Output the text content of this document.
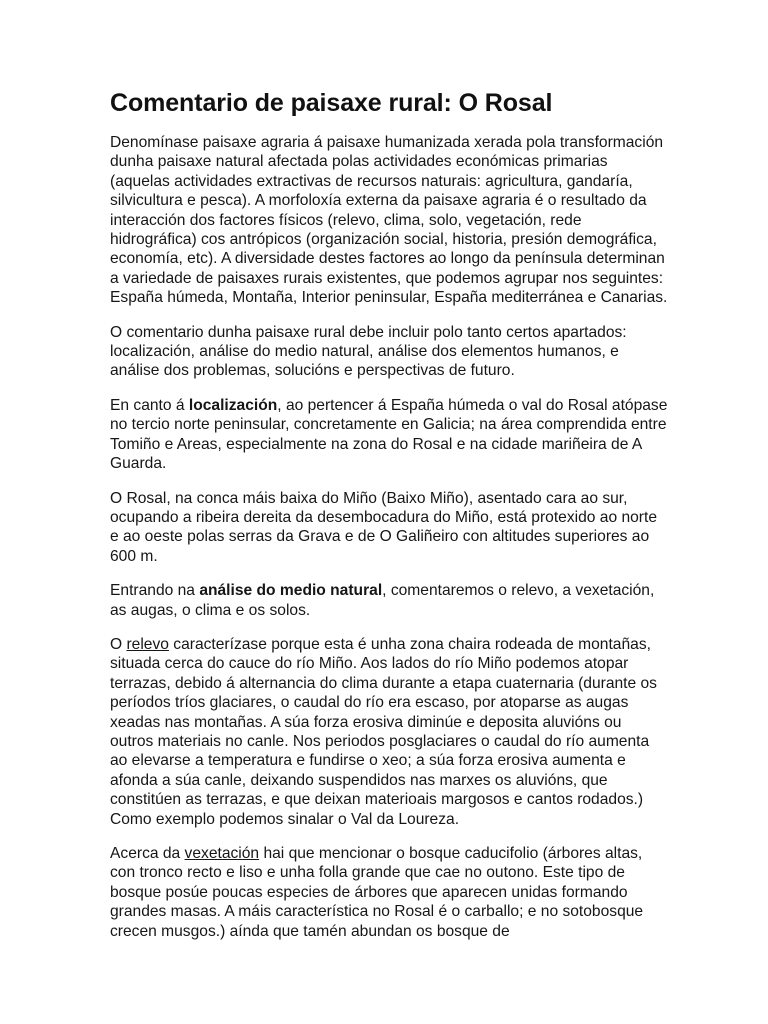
Comentario de paisaxe rural: O Rosal

Denomínase paisaxe agraria á paisaxe humanizada xerada pola transformación dunha paisaxe natural afectada polas actividades económicas primarias (aquelas actividades extractivas de recursos naturais: agricultura, gandaría, silvicultura e pesca). A morfoloxía externa da paisaxe agraria é o resultado da interacción dos factores físicos (relevo, clima, solo, vegetación, rede hidrográfica) cos antrópicos (organización social, historia, presión demográfica, economía, etc). A diversidade destes factores ao longo da península determinan a variedade de paisaxes rurais existentes, que podemos agrupar nos seguintes: España húmeda, Montaña, Interior peninsular, España mediterránea e Canarias.

O comentario dunha paisaxe rural debe incluir polo tanto certos apartados: localización, análise do medio natural, análise dos elementos humanos, e análise dos problemas, solucións e perspectivas de futuro.

En canto á localización, ao pertencer á España húmeda o val do Rosal atópase no tercio norte peninsular, concretamente en Galicia; na área comprendida entre Tomiño e Areas, especialmente na zona do Rosal e na cidade mariñeira de A Guarda.

O Rosal, na conca máis baixa do Miño (Baixo Miño), asentado cara ao sur, ocupando a ribeira dereita da desembocadura do Miño, está protexido ao norte e ao oeste polas serras da Grava e de O Galiñeiro con altitudes superiores ao 600 m.

Entrando na análise do medio natural, comentaremos o relevo, a vexetación, as augas, o clima e os solos.

O relevo caracterízase porque esta é unha zona chaira rodeada de montañas, situada cerca do cauce do río Miño. Aos lados do río Miño podemos atopar terrazas, debido á alternancia do clima durante a etapa cuaternaria (durante os períodos tríos glaciares, o caudal do río era escaso, por atoparse as augas xeadas nas montañas. A súa forza erosiva diminúe e deposita aluvións ou outros materiais no canle. Nos periodos posglaciares o caudal do río aumenta ao elevarse a temperatura e fundirse o xeo; a súa forza erosiva aumenta e afonda a súa canle, deixando suspendidos nas marxes os aluvións, que constitúen as terrazas, e que deixan materioais margosos e cantos rodados.) Como exemplo podemos sinalar o Val da Loureza.

Acerca da vexetación hai que mencionar o bosque caducifolio (árbores altas, con tronco recto e liso e unha folla grande que cae no outono. Este tipo de bosque posúe poucas especies de árbores que aparecen unidas formando grandes masas. A máis característica no Rosal é o carballo; e no sotobosque crecen musgos.) aínda que tamén abundan os bosque de
